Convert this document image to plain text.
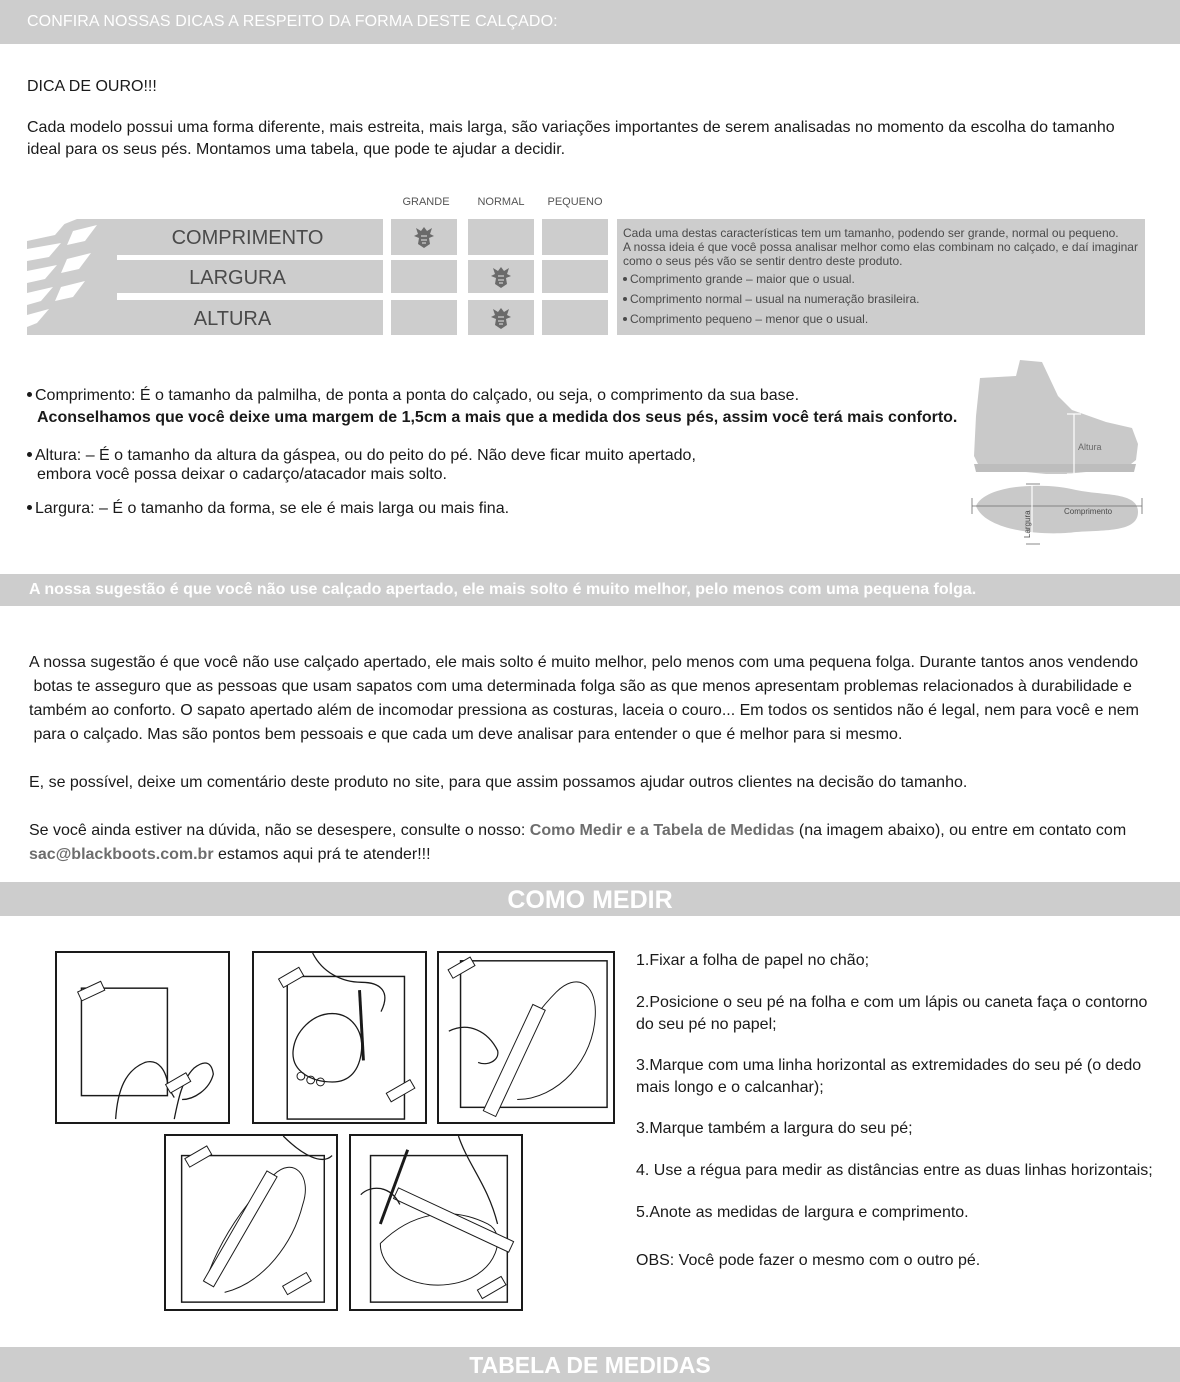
CONFIRA NOSSAS DICAS A RESPEITO DA FORMA DESTE CALÇADO:
DICA DE OURO!!!
Cada modelo possui uma forma diferente, mais estreita, mais larga, são variações importantes de serem analisadas no momento da escolha do tamanho
ideal para os seus pés. Montamos uma tabela, que pode te ajudar a decidir.
GRANDE	NORMAL	PEQUENO
COMPRIMENTO
LARGURA
ALTURA

Cada uma destas características tem um tamanho, podendo ser grande, normal ou pequeno.

A nossa ideia é que você possa analisar melhor como elas combinam no calçado, e daí imaginar

como o seus pés vão se sentir dentro deste produto.

Comprimento grande – maior que o usual.

Comprimento normal – usual na numeração brasileira.

Comprimento pequeno – menor que o usual.

Comprimento: É o tamanho da palmilha, de ponta a ponta do calçado, ou seja, o comprimento da sua base.
Aconselhamos que você deixe uma margem de 1,5cm a mais que a medida dos seus pés, assim você terá mais conforto.
Altura: – É o tamanho da altura da gáspea, ou do peito do pé. Não deve ficar muito apertado,
embora você possa deixar o cadarço/atacador mais solto.
Largura: – É o tamanho da forma, se ele é mais larga ou mais fina.
Altura
Comprimento
Largura
A nossa sugestão é que você não use calçado apertado, ele mais solto é muito melhor, pelo menos com uma pequena folga.
A nossa sugestão é que você não use calçado apertado, ele mais solto é muito melhor, pelo menos com uma pequena folga. Durante tantos anos vendendo
botas te asseguro que as pessoas que usam sapatos com uma determinada folga são as que menos apresentam problemas relacionados à durabilidade e
também ao conforto. O sapato apertado além de incomodar pressiona as costuras, laceia o couro... Em todos os sentidos não é legal, nem para você e nem
para o calçado. Mas são pontos bem pessoais e que cada um deve analisar para entender o que é melhor para si mesmo.
E, se possível, deixe um comentário deste produto no site, para que assim possamos ajudar outros clientes na decisão do tamanho.
Se você ainda estiver na dúvida, não se desespere, consulte o nosso: Como Medir e a Tabela de Medidas (na imagem abaixo), ou entre em contato com
sac@blackboots.com.br estamos aqui prá te atender!!!
COMO MEDIR
1.Fixar a folha de papel no chão;
2.Posicione o seu pé na folha e com um lápis ou caneta faça o contorno do seu pé no papel;
3.Marque com uma linha horizontal as extremidades do seu pé (o dedo mais longo e o calcanhar);
3.Marque também a largura do seu pé;
4. Use a régua para medir as distâncias entre as duas linhas horizontais;
5.Anote as medidas de largura e comprimento.
OBS: Você pode fazer o mesmo com o outro pé.
TABELA DE MEDIDAS
